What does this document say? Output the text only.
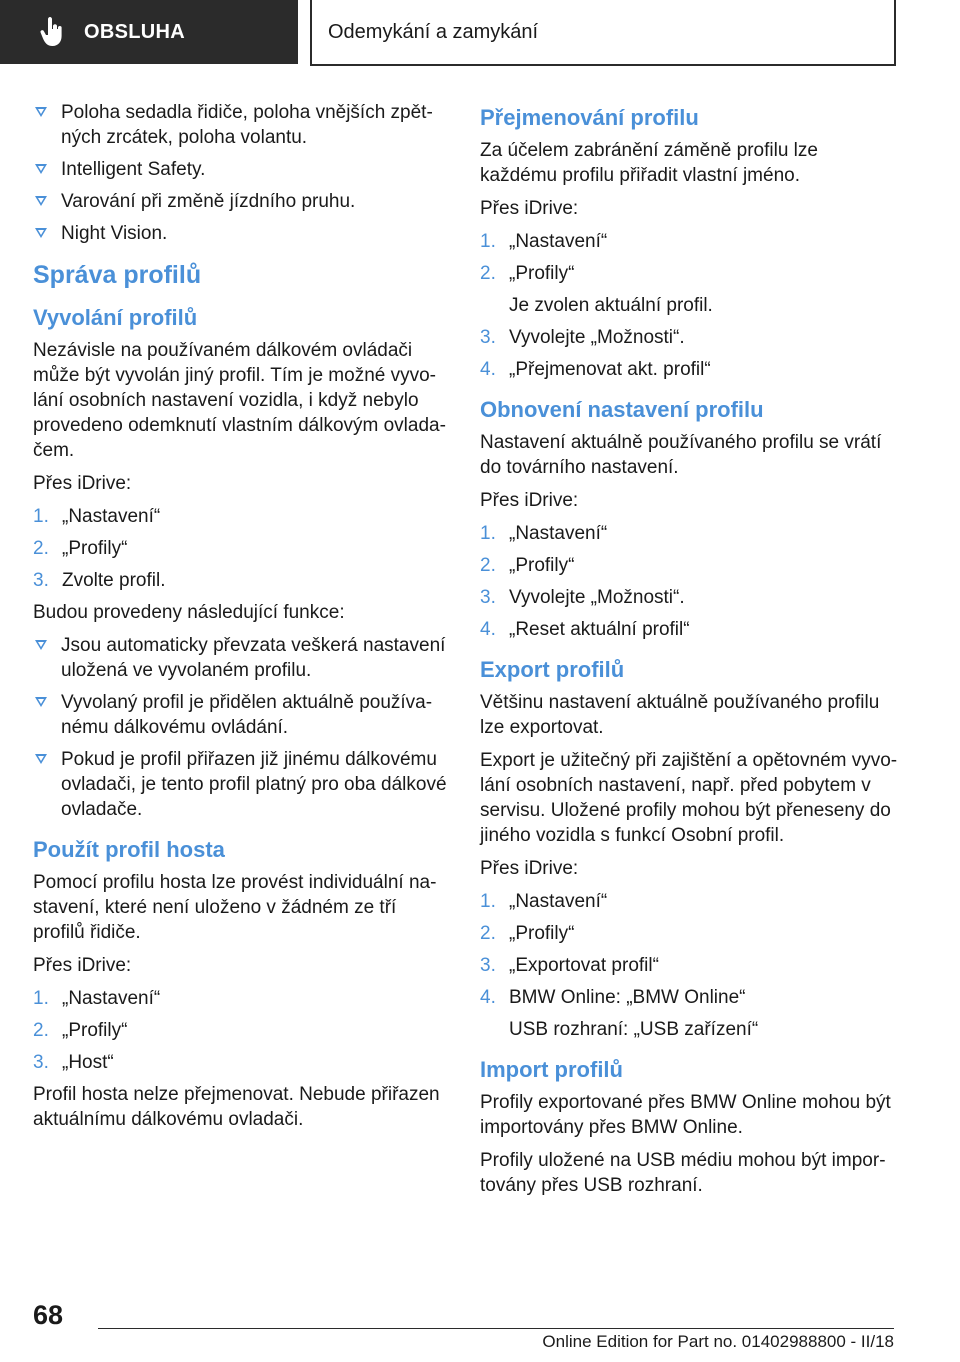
OBSLUHA	Odemykání a zamykání
Poloha sedadla řidiče, poloha vnějších zpět‐ných zrcátek, poloha volantu.
Intelligent Safety.
Varování při změně jízdního pruhu.
Night Vision.
Správa profilů
Vyvolání profilů

Nezávisle na používaném dálkovém ovládači může být vyvolán jiný profil. Tím je možné vyvo‐lání osobních nastavení vozidla, i když nebylo provedeno odemknutí vlastním dálkovým ovlada‐čem.

Přes iDrive:

1. „Nastavení“
2. „Profily“
3. Zvolte profil.

Budou provedeny následující funkce:

Jsou automaticky převzata veškerá nastavení uložená ve vyvolaném profilu.
Vyvolaný profil je přidělen aktuálně používa‐nému dálkovému ovládání.
Pokud je profil přiřazen již jinému dálkovému ovladači, je tento profil platný pro oba dálkové ovladače.
Použít profil hosta

Pomocí profilu hosta lze provést individuální na‐stavení, které není uloženo v žádném ze tří profilů řidiče.

Přes iDrive:

1. „Nastavení“
2. „Profily“
3. „Host“

Profil hosta nelze přejmenovat. Nebude přiřazen aktuálnímu dálkovému ovladači.

Přejmenování profilu

Za účelem zabránění záměně profilu lze každému profilu přiřadit vlastní jméno.

Přes iDrive:

1. „Nastavení“
2. „Profily“
Je zvolen aktuální profil.
3. Vyvolejte „Možnosti“.
4. „Přejmenovat akt. profil“
Obnovení nastavení profilu

Nastavení aktuálně používaného profilu se vrátí do továrního nastavení.

Přes iDrive:

1. „Nastavení“
2. „Profily“
3. Vyvolejte „Možnosti“.
4. „Reset aktuální profil“
Export profilů

Většinu nastavení aktuálně používaného profilu lze exportovat.

Export je užitečný při zajištění a opětovném vyvo‐lání osobních nastavení, např. před pobytem v servisu. Uložené profily mohou být přeneseny do jiného vozidla s funkcí Osobní profil.

Přes iDrive:

1. „Nastavení“
2. „Profily“
3. „Exportovat profil“
4. BMW Online: „BMW Online“
USB rozhraní: „USB zařízení“
Import profilů

Profily exportované přes BMW Online mohou být importovány přes BMW Online.

Profily uložené na USB médiu mohou být impor‐továny přes USB rozhraní.

68
Online Edition for Part no. 01402988800 - II/18
